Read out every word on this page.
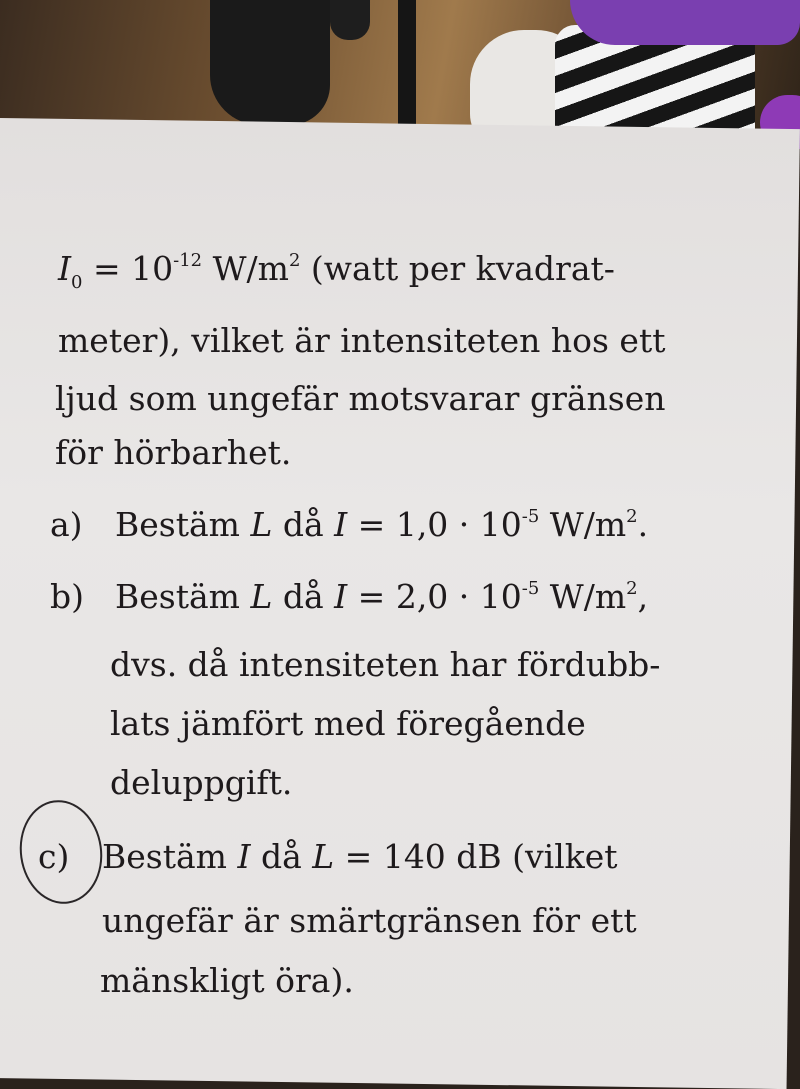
$I_0 = 10^{-12}$ $W/m^2$ (watt per kvadrat-
meter), vilket är intensiteten hos ett
ljud som ungefär motsvarar gränsen
för hörbarhet.
a) Bestäm L då $I = 1,0 \cdot 10^{-5}$ $W/m^2$.
b) Bestäm L då $I = 2,0 \cdot 10^{-5}$ $W/m^2$,
dvs. då intensiteten har fördubb-
lats jämfört med föregående
deluppgift.
c) Bestäm I då L = 140 dB (vilket
ungefär är smärtgränsen för ett
mänskligt öra).
